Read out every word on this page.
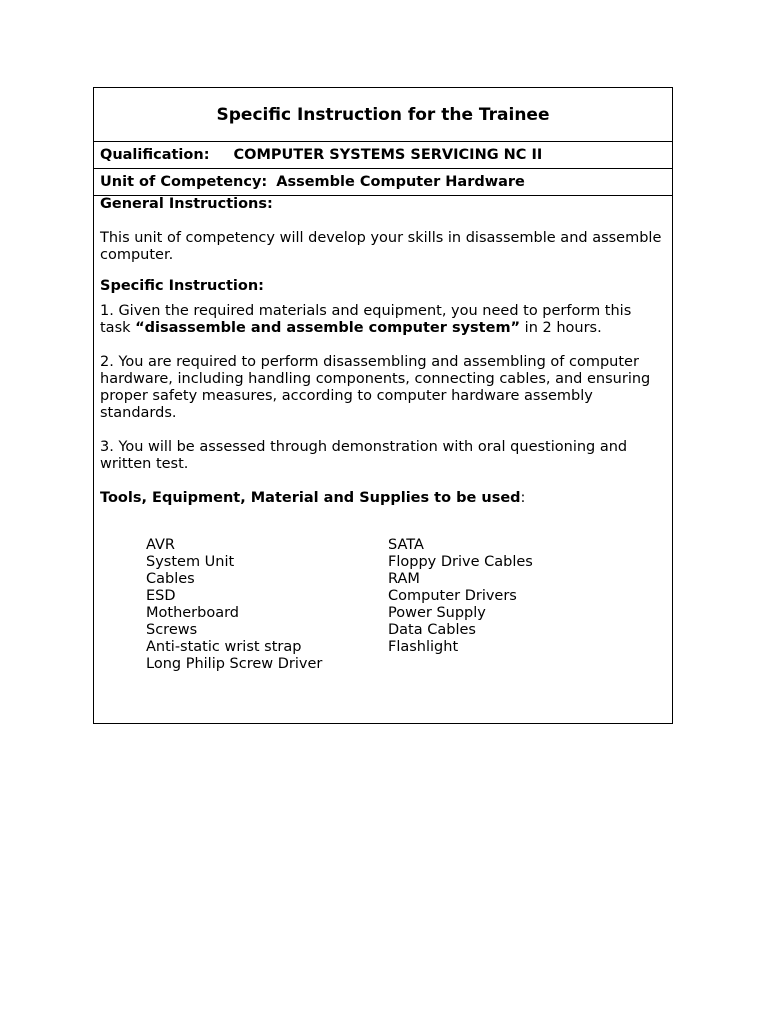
Specific Instruction for the Trainee
Qualification: COMPUTER SYSTEMS SERVICING NC II
Unit of Competency: Assemble Computer Hardware
General Instructions:

This unit of competency will develop your skills in disassemble and assemble computer.

Specific Instruction:

1. Given the required materials and equipment, you need to perform this task “disassemble and assemble computer system” in 2 hours.

2. You are required to perform disassembling and assembling of computer hardware, including handling components, connecting cables, and ensuring proper safety measures, according to computer hardware assembly standards.

3. You will be assessed through demonstration with oral questioning and written test.

Tools, Equipment, Material and Supplies to be used:
AVR
System Unit
Cables
ESD
Motherboard
Screws
Anti-static wrist strap
Long Philip Screw Driver
SATA
Floppy Drive Cables
RAM
Computer Drivers
Power Supply
Data Cables
Flashlight
